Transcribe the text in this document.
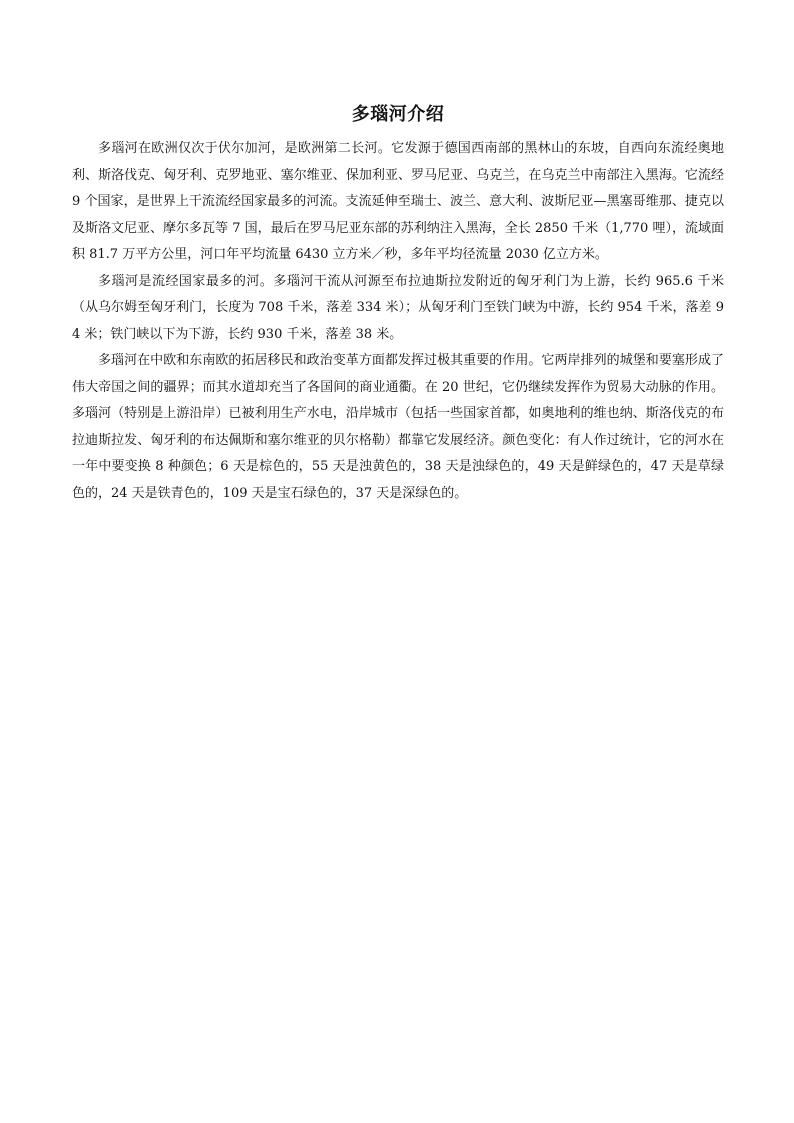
多瑙河介绍

多瑙河在欧洲仅次于伏尔加河，是欧洲第二长河。它发源于德国西南部的黑林山的东坡，自西向东流经奥地利、斯洛伐克、匈牙利、克罗地亚、塞尔维亚、保加利亚、罗马尼亚、乌克兰，在乌克兰中南部注入黑海。它流经 9 个国家，是世界上干流流经国家最多的河流。支流延伸至瑞士、波兰、意大利、波斯尼亚—黑塞哥维那、捷克以及斯洛文尼亚、摩尔多瓦等 7 国，最后在罗马尼亚东部的苏利纳注入黑海，全长 2850 千米（1,770 哩），流域面积 81.7 万平方公里，河口年平均流量 6430 立方米／秒，多年平均径流量 2030 亿立方米。

多瑙河是流经国家最多的河。多瑙河干流从河源至布拉迪斯拉发附近的匈牙利门为上游，长约 965.6 千米（从乌尔姆至匈牙利门，长度为 708 千米，落差 334 米）；从匈牙利门至铁门峡为中游，长约 954 千米，落差 94 米；铁门峡以下为下游，长约 930 千米，落差 38 米。

多瑙河在中欧和东南欧的拓居移民和政治变革方面都发挥过极其重要的作用。它两岸排列的城堡和要塞形成了伟大帝国之间的疆界；而其水道却充当了各国间的商业通衢。在 20 世纪，它仍继续发挥作为贸易大动脉的作用。多瑙河（特别是上游沿岸）已被利用生产水电，沿岸城市（包括一些国家首都，如奥地利的维也纳、斯洛伐克的布拉迪斯拉发、匈牙利的布达佩斯和塞尔维亚的贝尔格勒）都靠它发展经济。颜色变化：有人作过统计，它的河水在一年中要变换 8 种颜色；6 天是棕色的，55 天是浊黄色的，38 天是浊绿色的，49 天是鲜绿色的，47 天是草绿色的，24 天是铁青色的，109 天是宝石绿色的，37 天是深绿色的。
